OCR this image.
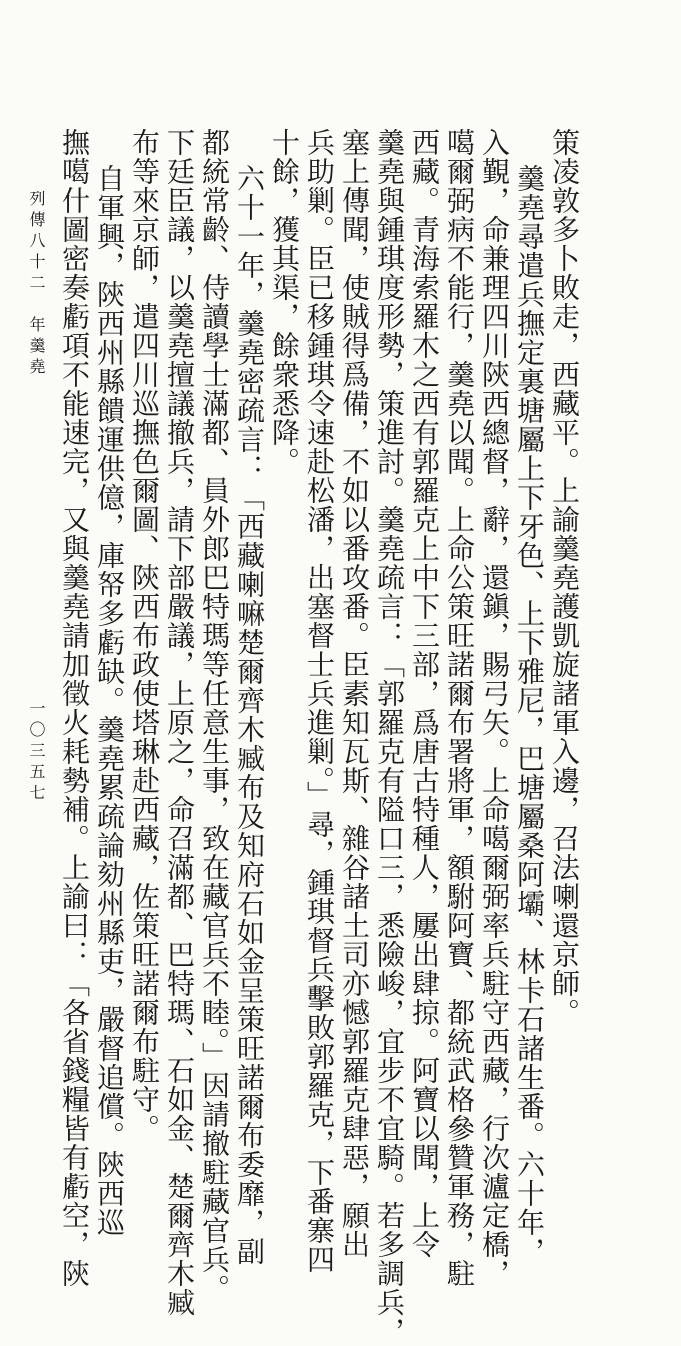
策凌敦多卜敗走，西藏平。上諭羹堯護凱旋諸軍入邊，召法喇還京師。
羹堯尋遣兵撫定裏塘屬上下牙色、上下雅尼，巴塘屬桑阿壩、林卡石諸生番。六十年，
入覲，命兼理四川陝西總督，辭，還鎭，賜弓矢。上命噶爾弼率兵駐守西藏，行次瀘定橋，
噶爾弼病不能行，羹堯以聞。上命公策旺諾爾布署將軍，額駙阿寶、都統武格參贊軍務，駐
西藏。青海索羅木之西有郭羅克上中下三部，爲唐古特種人，屢出肆掠。阿寶以聞，上令
羹堯與鍾琪度形勢，策進討。羹堯疏言：「郭羅克有隘口三，悉險峻，宜步不宜騎。若多調兵，
塞上傳聞，使賊得爲備，不如以番攻番。臣素知瓦斯、雜谷諸土司亦憾郭羅克肆惡，願出
兵助剿。臣已移鍾琪令速赴松潘，出塞督士兵進剿。」尋，鍾琪督兵擊敗郭羅克，下番寨四
十餘，獲其渠，餘衆悉降。
六十一年，羹堯密疏言：「西藏喇嘛楚爾齊木臧布及知府石如金呈策旺諾爾布委靡，副
都統常齡、侍讀學士滿都、員外郎巴特瑪等任意生事，致在藏官兵不睦。」因請撤駐藏官兵。
下廷臣議，以羹堯擅議撤兵，請下部嚴議，上原之，命召滿都、巴特瑪、石如金、楚爾齊木臧
布等來京師，遣四川巡撫色爾圖、陝西布政使塔琳赴西藏，佐策旺諾爾布駐守。
自軍興，陝西州縣饋運供億，庫帑多虧缺。羹堯累疏論劾州縣吏，嚴督追償。陝西巡
撫噶什圖密奏虧項不能速完，又與羹堯請加徵火耗勢補。上諭曰：「各省錢糧皆有虧空，陝
列傳八十二　年羹堯
一〇三五七
